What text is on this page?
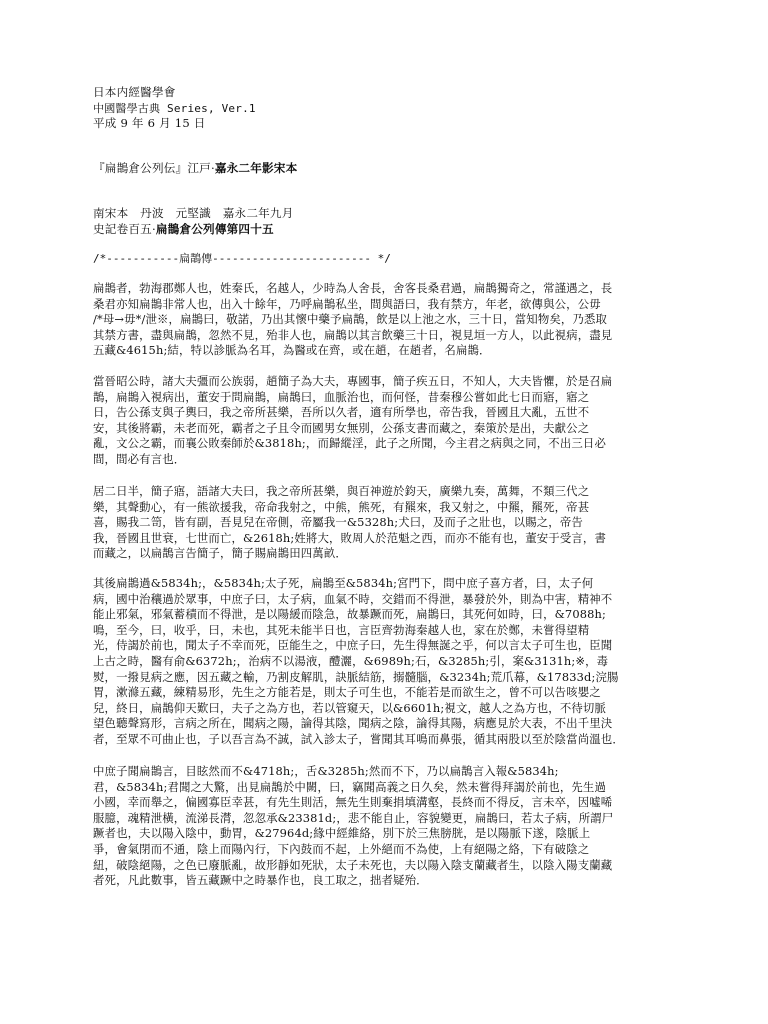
日本内經醫學會
中國醫學古典 Series, Ver.1
平成 9 年 6 月 15 日
『扁鵲倉公列伝』江戸·嘉永二年影宋本
南宋本　丹波　元堅識　嘉永二年九月
史記卷百五·扁鵲倉公列傳第四十五
/*-----------扁鵲傳------------------------ */
扁鵲者，勃海郡鄭人也，姓秦氏，名越人，少時為人舍長，舍客長桑君過，扁鵲獨奇之，常謹遇之，長
桑君亦知扁鵲非常人也，出入十餘年，乃呼扁鵲私坐，間與語曰，我有禁方，年老，欲傳與公，公毋
/*母→毋*/泄※，扁鵲曰，敬諾，乃出其懷中藥予扁鵲，飲是以上池之水，三十日，當知物矣，乃悉取
其禁方書，盡與扁鵲，忽然不見，殆非人也，扁鵲以其言飲藥三十日，視見垣一方人，以此視病，盡見
五藏&4615h;結，特以診脈為名耳，為醫或在齊，或在趙，在趙者，名扁鵲．
當晉昭公時，諸大夫彊而公族弱，趙簡子為大夫，專國事，簡子疾五日，不知人，大夫皆懼，於是召扁
鵲，扁鵲入視病出，董安于問扁鵲，扁鵲曰，血脈治也，而何怪，昔秦穆公嘗如此七日而寤，寤之
日，告公孫支與子輿曰，我之帝所甚樂，吾所以久者，適有所學也，帝告我，晉國且大亂，五世不
安，其後將霸，未老而死，霸者之子且令而國男女無別，公孫支書而藏之，秦策於是出，夫獻公之
亂，文公之霸，而襄公敗秦師於&3818h;，而歸縱淫，此子之所聞，今主君之病與之同，不出三日必
間，間必有言也．
居二日半，簡子寤，語諸大夫曰，我之帝所甚樂，與百神遊於鈞天，廣樂九奏，萬舞，不類三代之
樂，其聲動心，有一熊欲援我，帝命我射之，中熊，熊死，有羆來，我又射之，中羆，羆死，帝甚
喜，賜我二笥，皆有副，吾見兒在帝側，帝屬我一&5328h;犬曰，及而子之壯也，以賜之，帝告
我，晉國且世衰，七世而亡，&2618h;姓將大，敗周人於范魁之西，而亦不能有也，董安于受言，書
而藏之，以扁鵲言告簡子，簡子賜扁鵲田四萬畝．
其後扁鵲過&5834h;，&5834h;太子死，扁鵲至&5834h;宮門下，問中庶子喜方者，曰，太子何
病，國中治穰過於眾事，中庶子曰，太子病，血氣不時，交錯而不得泄，暴發於外，則為中害，精神不
能止邪氣，邪氣蓄積而不得泄，是以陽緩而陰急，故暴蹶而死，扁鵲曰，其死何如時，曰，&7088h;
鳴，至今，曰，收乎，曰，未也，其死未能半日也，言臣齊勃海秦越人也，家在於鄭，未嘗得望精
光，侍謁於前也，聞太子不幸而死，臣能生之，中庶子曰，先生得無誕之乎，何以言太子可生也，臣聞
上古之時，醫有俞&6372h;，治病不以湯液，醴灑，&6989h;石，&3285h;引，案&3131h;※，毒
熨，一撥見病之應，因五藏之輸，乃割皮解肌，訣脈結筋，搦髓腦，&3234h;荒爪幕，&17833d;浣腸
胃，漱滌五藏，練精易形，先生之方能若是，則太子可生也，不能若是而欲生之，曾不可以告咳嬰之
兒，終日，扁鵲仰天歎曰，夫子之為方也，若以管窺天，以&6601h;視文，越人之為方也，不待切脈
望色聽聲寫形，言病之所在，聞病之陽，論得其陰，聞病之陰，論得其陽，病應見於大表，不出千里決
者，至眾不可曲止也，子以吾言為不誠，試入診太子，嘗聞其耳鳴而鼻張，循其兩股以至於陰當尚溫也．
中庶子聞扁鵲言，目眩然而不&4718h;，舌&3285h;然而不下，乃以扁鵲言入報&5834h;
君，&5834h;君聞之大驚，出見扁鵲於中闕，曰，竊聞高義之日久矣，然未嘗得拜謁於前也，先生過
小國，幸而舉之，偏國寡臣幸甚，有先生則活，無先生則棄捐填溝壑，長終而不得反，言未卒，因噓唏
服臆，魂精泄橫，流涕長潸，忽忽承&23381d;，悲不能自止，容貌變更，扁鵲曰，若太子病，所謂尸
蹶者也，夫以陽入陰中，動胃，&27964d;緣中經維絡，別下於三焦膀胱，是以陽脈下遂，陰脈上
爭，會氣閉而不通，陰上而陽內行，下內鼓而不起，上外絕而不為使，上有絕陽之絡，下有破陰之
紐，破陰絕陽，之色已廢脈亂，故形靜如死狀，太子未死也，夫以陽入陰支蘭藏者生，以陰入陽支蘭藏
者死，凡此數事，皆五藏蹶中之時暴作也，良工取之，拙者疑殆．
